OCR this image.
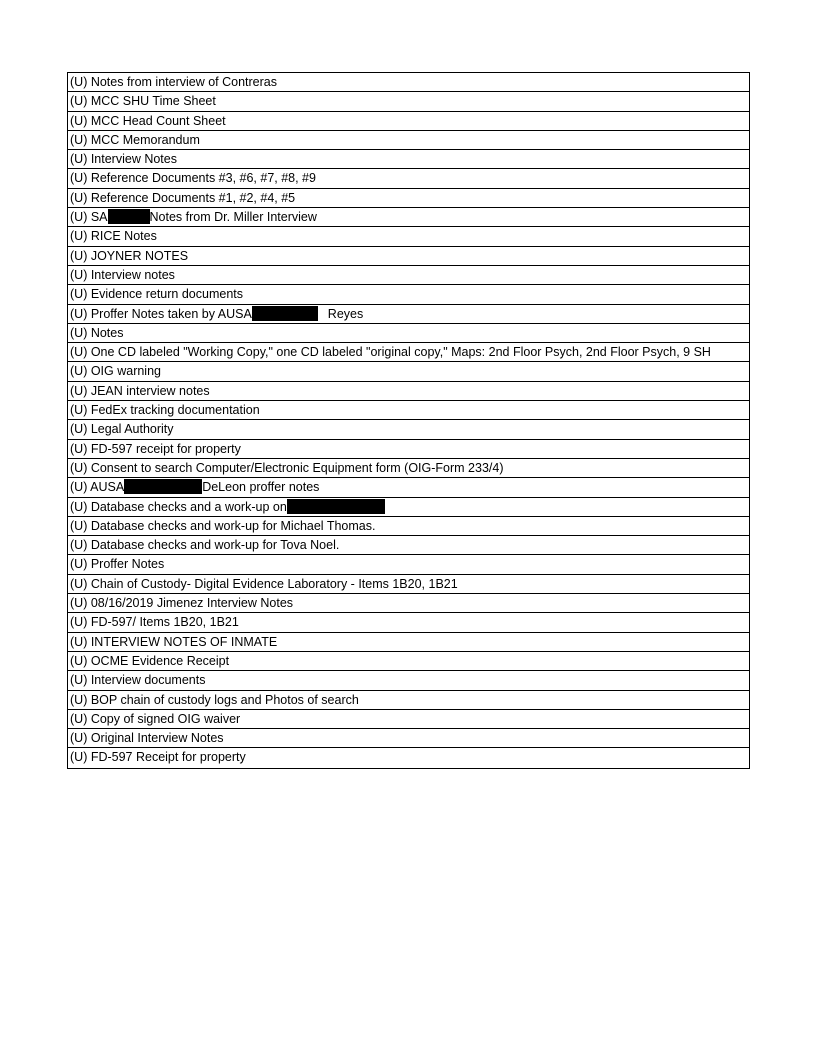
(U) Notes from interview of Contreras
(U) MCC SHU Time Sheet
(U) MCC Head Count Sheet
(U) MCC Memorandum
(U) Interview Notes
(U) Reference Documents #3, #6, #7, #8, #9
(U) Reference Documents #1, #2, #4, #5
(U) SA	Notes from Dr. Miller Interview
(U) RICE Notes
(U) JOYNER NOTES
(U) Interview notes
(U) Evidence return documents
(U) Proffer Notes taken by AUSA	Reyes
(U) Notes
(U) One CD labeled "Working Copy," one CD labeled "original copy," Maps: 2nd Floor Psych, 2nd Floor Psych, 9 SH
(U) OIG warning
(U) JEAN interview notes
(U) FedEx tracking documentation
(U) Legal Authority
(U) FD-597 receipt for property
(U) Consent to search Computer/Electronic Equipment form (OIG-Form 233/4)
(U) AUSA	DeLeon proffer notes
(U) Database checks and a work-up on
(U) Database checks and work-up for Michael Thomas.
(U) Database checks and work-up for Tova Noel.
(U) Proffer Notes
(U) Chain of Custody- Digital Evidence Laboratory - Items 1B20, 1B21
(U) 08/16/2019 Jimenez Interview Notes
(U) FD-597/ Items 1B20, 1B21
(U) INTERVIEW NOTES OF INMATE
(U) OCME Evidence Receipt
(U) Interview documents
(U) BOP chain of custody logs and Photos of search
(U) Copy of signed OIG waiver
(U) Original Interview Notes
(U) FD-597 Receipt for property
